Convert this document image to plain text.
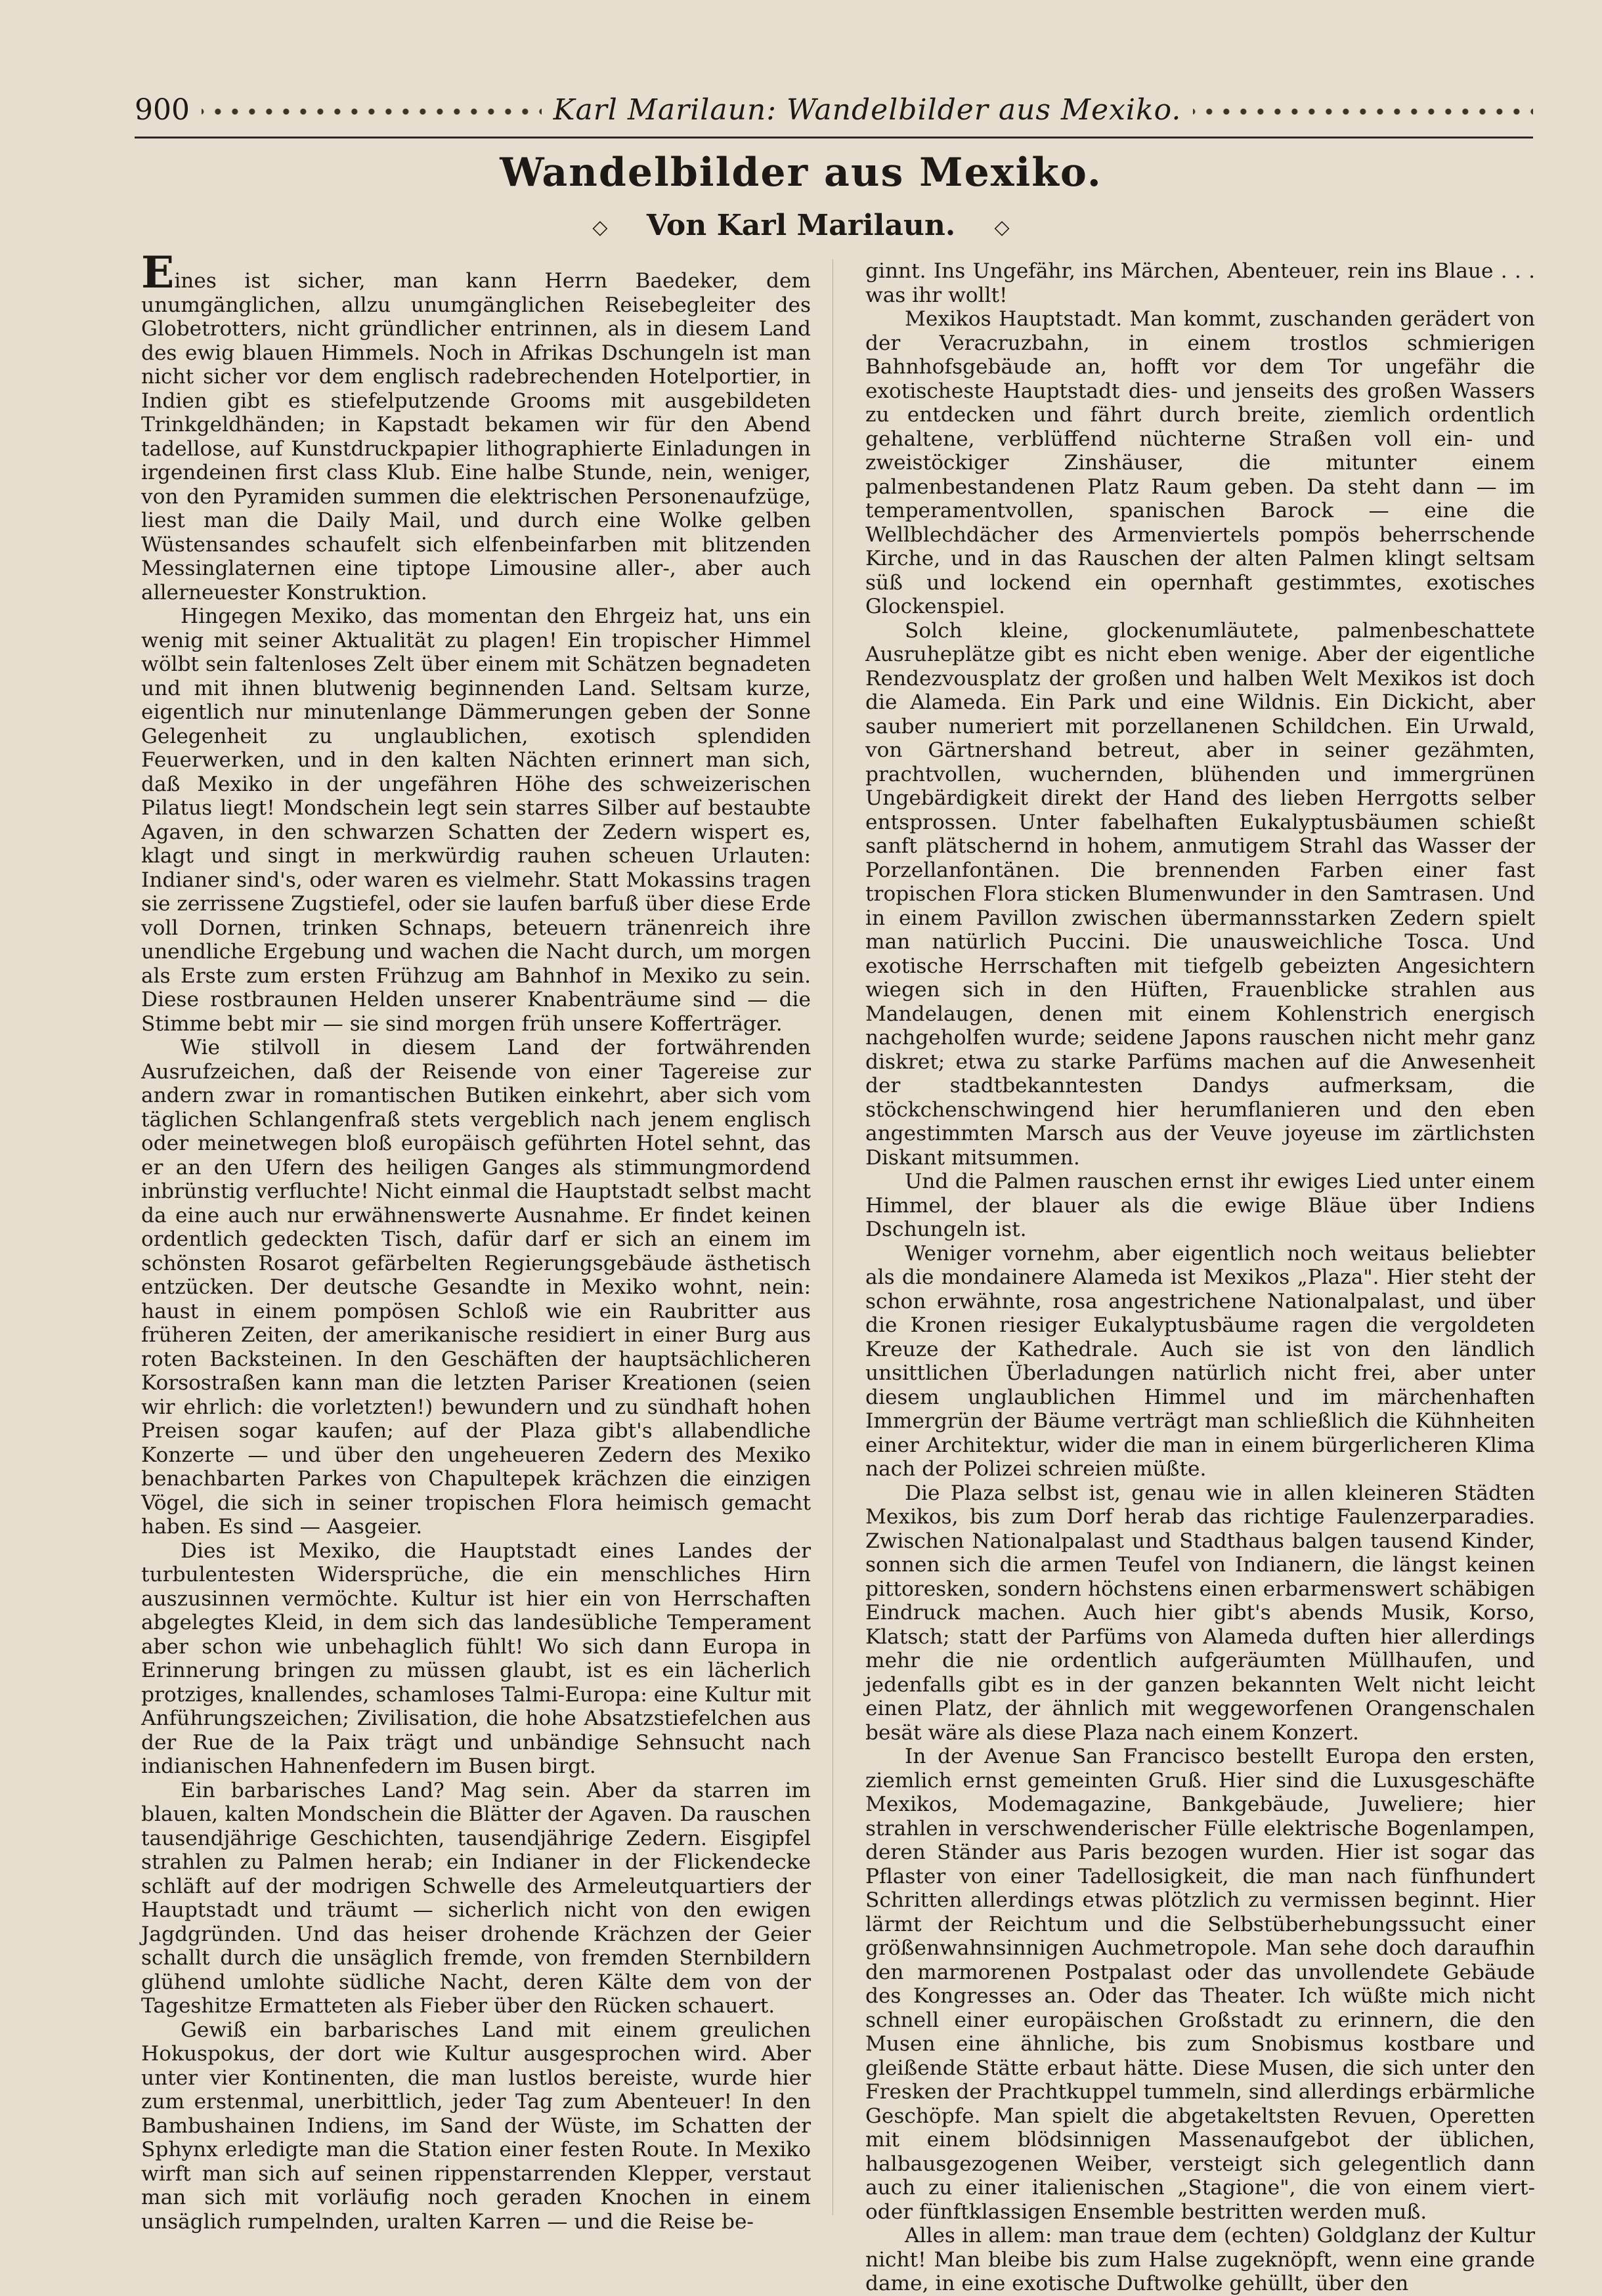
900	Karl Marilaun: Wandelbilder aus Mexiko.
Wandelbilder aus Mexiko.
◇ Von Karl Marilaun. ◇

Eines ist sicher, man kann Herrn Baedeker, dem unumgänglichen, allzu unumgänglichen Reisebegleiter des Globetrotters, nicht gründlicher entrinnen, als in diesem Land des ewig blauen Himmels. Noch in Afrikas Dschungeln ist man nicht sicher vor dem englisch radebrechenden Hotelportier, in Indien gibt es stiefelputzende Grooms mit ausgebildeten Trinkgeldhänden; in Kapstadt bekamen wir für den Abend tadellose, auf Kunstdruckpapier lithographierte Einladungen in irgendeinen first class Klub. Eine halbe Stunde, nein, weniger, von den Pyramiden summen die elektrischen Personenaufzüge, liest man die Daily Mail, und durch eine Wolke gelben Wüstensandes schaufelt sich elfenbeinfarben mit blitzenden Messinglaternen eine tiptope Limousine aller-, aber auch allerneuester Konstruktion.

Hingegen Mexiko, das momentan den Ehrgeiz hat, uns ein wenig mit seiner Aktualität zu plagen! Ein tropischer Himmel wölbt sein faltenloses Zelt über einem mit Schätzen begnadeten und mit ihnen blutwenig beginnenden Land. Seltsam kurze, eigentlich nur minutenlange Dämmerungen geben der Sonne Gelegenheit zu unglaublichen, exotisch splendiden Feuerwerken, und in den kalten Nächten erinnert man sich, daß Mexiko in der ungefähren Höhe des schweizerischen Pilatus liegt! Mondschein legt sein starres Silber auf bestaubte Agaven, in den schwarzen Schatten der Zedern wispert es, klagt und singt in merkwürdig rauhen scheuen Urlauten: Indianer sind's, oder waren es vielmehr. Statt Mokassins tragen sie zerrissene Zugstiefel, oder sie laufen barfuß über diese Erde voll Dornen, trinken Schnaps, beteuern tränenreich ihre unendliche Ergebung und wachen die Nacht durch, um morgen als Erste zum ersten Frühzug am Bahnhof in Mexiko zu sein. Diese rostbraunen Helden unserer Knabenträume sind — die Stimme bebt mir — sie sind morgen früh unsere Kofferträger.

Wie stilvoll in diesem Land der fortwährenden Ausrufzeichen, daß der Reisende von einer Tagereise zur andern zwar in romantischen Butiken einkehrt, aber sich vom täglichen Schlangenfraß stets vergeblich nach jenem englisch oder meinetwegen bloß europäisch geführten Hotel sehnt, das er an den Ufern des heiligen Ganges als stimmungmordend inbrünstig verfluchte! Nicht einmal die Hauptstadt selbst macht da eine auch nur erwähnenswerte Ausnahme. Er findet keinen ordentlich gedeckten Tisch, dafür darf er sich an einem im schönsten Rosarot gefärbelten Regierungsgebäude ästhetisch entzücken. Der deutsche Gesandte in Mexiko wohnt, nein: haust in einem pompösen Schloß wie ein Raubritter aus früheren Zeiten, der amerikanische residiert in einer Burg aus roten Backsteinen. In den Geschäften der hauptsächlicheren Korsostraßen kann man die letzten Pariser Kreationen (seien wir ehrlich: die vorletzten!) bewundern und zu sündhaft hohen Preisen sogar kaufen; auf der Plaza gibt's allabendliche Konzerte — und über den ungeheueren Zedern des Mexiko benachbarten Parkes von Chapultepek krächzen die einzigen Vögel, die sich in seiner tropischen Flora heimisch gemacht haben. Es sind — Aasgeier.

Dies ist Mexiko, die Hauptstadt eines Landes der turbulentesten Widersprüche, die ein menschliches Hirn auszusinnen vermöchte. Kultur ist hier ein von Herrschaften abgelegtes Kleid, in dem sich das landesübliche Temperament aber schon wie unbehaglich fühlt! Wo sich dann Europa in Erinnerung bringen zu müssen glaubt, ist es ein lächerlich protziges, knallendes, schamloses Talmi-Europa: eine Kultur mit Anführungszeichen; Zivilisation, die hohe Absatzstiefelchen aus der Rue de la Paix trägt und unbändige Sehnsucht nach indianischen Hahnenfedern im Busen birgt.

Ein barbarisches Land? Mag sein. Aber da starren im blauen, kalten Mondschein die Blätter der Agaven. Da rauschen tausendjährige Geschichten, tausendjährige Zedern. Eisgipfel strahlen zu Palmen herab; ein Indianer in der Flickendecke schläft auf der modrigen Schwelle des Armeleutquartiers der Hauptstadt und träumt — sicherlich nicht von den ewigen Jagdgründen. Und das heiser drohende Krächzen der Geier schallt durch die unsäglich fremde, von fremden Sternbildern glühend umlohte südliche Nacht, deren Kälte dem von der Tageshitze Ermatteten als Fieber über den Rücken schauert.

Gewiß ein barbarisches Land mit einem greulichen Hokuspokus, der dort wie Kultur ausgesprochen wird. Aber unter vier Kontinenten, die man lustlos bereiste, wurde hier zum erstenmal, unerbittlich, jeder Tag zum Abenteuer! In den Bambushainen Indiens, im Sand der Wüste, im Schatten der Sphynx erledigte man die Station einer festen Route. In Mexiko wirft man sich auf seinen rippenstarrenden Klepper, verstaut man sich mit vorläufig noch geraden Knochen in einem unsäglich rumpelnden, uralten Karren — und die Reise be-

ginnt. Ins Ungefähr, ins Märchen, Abenteuer, rein ins Blaue . . . was ihr wollt!

Mexikos Hauptstadt. Man kommt, zuschanden gerädert von der Veracruzbahn, in einem trostlos schmierigen Bahnhofsgebäude an, hofft vor dem Tor ungefähr die exotischeste Hauptstadt dies- und jenseits des großen Wassers zu entdecken und fährt durch breite, ziemlich ordentlich gehaltene, verblüffend nüchterne Straßen voll ein- und zweistöckiger Zinshäuser, die mitunter einem palmenbestandenen Platz Raum geben. Da steht dann — im temperamentvollen, spanischen Barock — eine die Wellblechdächer des Armenviertels pompös beherrschende Kirche, und in das Rauschen der alten Palmen klingt seltsam süß und lockend ein opernhaft gestimmtes, exotisches Glockenspiel.

Solch kleine, glockenumläutete, palmenbeschattete Ausruheplätze gibt es nicht eben wenige. Aber der eigentliche Rendezvousplatz der großen und halben Welt Mexikos ist doch die Alameda. Ein Park und eine Wildnis. Ein Dickicht, aber sauber numeriert mit porzellanenen Schildchen. Ein Urwald, von Gärtnershand betreut, aber in seiner gezähmten, prachtvollen, wuchernden, blühenden und immergrünen Ungebärdigkeit direkt der Hand des lieben Herrgotts selber entsprossen. Unter fabelhaften Eukalyptusbäumen schießt sanft plätschernd in hohem, anmutigem Strahl das Wasser der Porzellanfontänen. Die brennenden Farben einer fast tropischen Flora sticken Blumenwunder in den Samtrasen. Und in einem Pavillon zwischen übermannsstarken Zedern spielt man natürlich Puccini. Die unausweichliche Tosca. Und exotische Herrschaften mit tiefgelb gebeizten Angesichtern wiegen sich in den Hüften, Frauenblicke strahlen aus Mandelaugen, denen mit einem Kohlenstrich energisch nachgeholfen wurde; seidene Japons rauschen nicht mehr ganz diskret; etwa zu starke Parfüms machen auf die Anwesenheit der stadtbekanntesten Dandys aufmerksam, die stöckchenschwingend hier herumflanieren und den eben angestimmten Marsch aus der Veuve joyeuse im zärtlichsten Diskant mitsummen.

Und die Palmen rauschen ernst ihr ewiges Lied unter einem Himmel, der blauer als die ewige Bläue über Indiens Dschungeln ist.

Weniger vornehm, aber eigentlich noch weitaus beliebter als die mondainere Alameda ist Mexikos „Plaza". Hier steht der schon erwähnte, rosa angestrichene Nationalpalast, und über die Kronen riesiger Eukalyptusbäume ragen die vergoldeten Kreuze der Kathedrale. Auch sie ist von den ländlich unsittlichen Überladungen natürlich nicht frei, aber unter diesem unglaublichen Himmel und im märchenhaften Immergrün der Bäume verträgt man schließlich die Kühnheiten einer Architektur, wider die man in einem bürgerlicheren Klima nach der Polizei schreien müßte.

Die Plaza selbst ist, genau wie in allen kleineren Städten Mexikos, bis zum Dorf herab das richtige Faulenzerparadies. Zwischen Nationalpalast und Stadthaus balgen tausend Kinder, sonnen sich die armen Teufel von Indianern, die längst keinen pittoresken, sondern höchstens einen erbarmenswert schäbigen Eindruck machen. Auch hier gibt's abends Musik, Korso, Klatsch; statt der Parfüms von Alameda duften hier allerdings mehr die nie ordentlich aufgeräumten Müllhaufen, und jedenfalls gibt es in der ganzen bekannten Welt nicht leicht einen Platz, der ähnlich mit weggeworfenen Orangenschalen besät wäre als diese Plaza nach einem Konzert.

In der Avenue San Francisco bestellt Europa den ersten, ziemlich ernst gemeinten Gruß. Hier sind die Luxusgeschäfte Mexikos, Modemagazine, Bankgebäude, Juweliere; hier strahlen in verschwenderischer Fülle elektrische Bogenlampen, deren Ständer aus Paris bezogen wurden. Hier ist sogar das Pflaster von einer Tadellosigkeit, die man nach fünfhundert Schritten allerdings etwas plötzlich zu vermissen beginnt. Hier lärmt der Reichtum und die Selbstüberhebungssucht einer größenwahnsinnigen Auchmetropole. Man sehe doch daraufhin den marmorenen Postpalast oder das unvollendete Gebäude des Kongresses an. Oder das Theater. Ich wüßte mich nicht schnell einer europäischen Großstadt zu erinnern, die den Musen eine ähnliche, bis zum Snobismus kostbare und gleißende Stätte erbaut hätte. Diese Musen, die sich unter den Fresken der Prachtkuppel tummeln, sind allerdings erbärmliche Geschöpfe. Man spielt die abgetakeltsten Revuen, Operetten mit einem blödsinnigen Massenaufgebot der üblichen, halbausgezogenen Weiber, versteigt sich gelegentlich dann auch zu einer italienischen „Stagione", die von einem viert- oder fünftklassigen Ensemble bestritten werden muß.

Alles in allem: man traue dem (echten) Goldglanz der Kultur nicht! Man bleibe bis zum Halse zugeknöpft, wenn eine grande dame, in eine exotische Duftwolke gehüllt, über den
